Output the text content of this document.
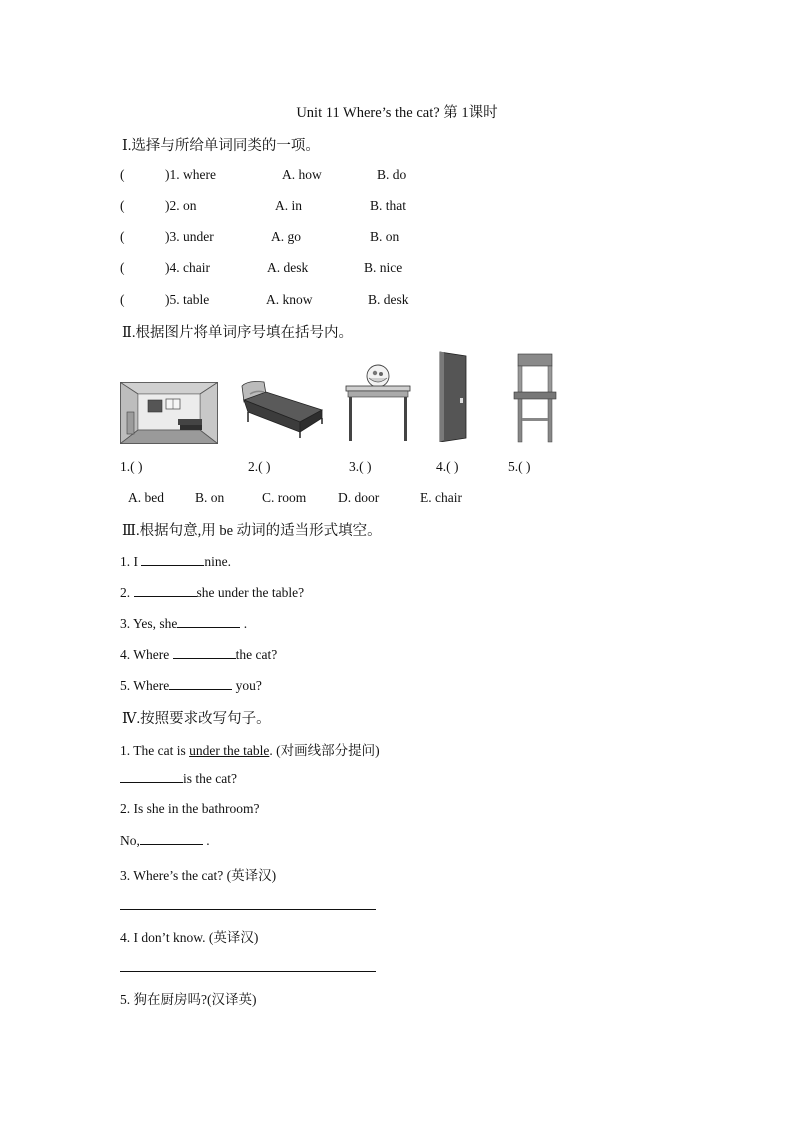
Unit 11 Where’s the cat? 第 1课时
Ⅰ.选择与所给单词同类的一项。
(	)1. where	A. how	B. do
(	)2. on	A. in	B. that
(	)3. under	A. go	B. on
(	)4. chair	A. desk	B. nice
(	)5. table	A. know	B. desk
Ⅱ.根据图片将单词序号填在括号内。
1.( )	2.( )	3.( )	4.( )	5.( )
A. bed B. on	C. room D. door	E. chair
Ⅲ.根据句意,用 be 动词的适当形式填空。
1. I	nine.
2.	she under the table?
3. Yes, she	.
4. Where	the cat?
5. Where	you?
Ⅳ.按照要求改写句子。
1. The cat is under the table. (对画线部分提问)
is the cat?
2. Is she in the bathroom?
No,	.
3. Where’s the cat? (英译汉)
4. I don’t know. (英译汉)
5. 狗在厨房吗?(汉译英)
